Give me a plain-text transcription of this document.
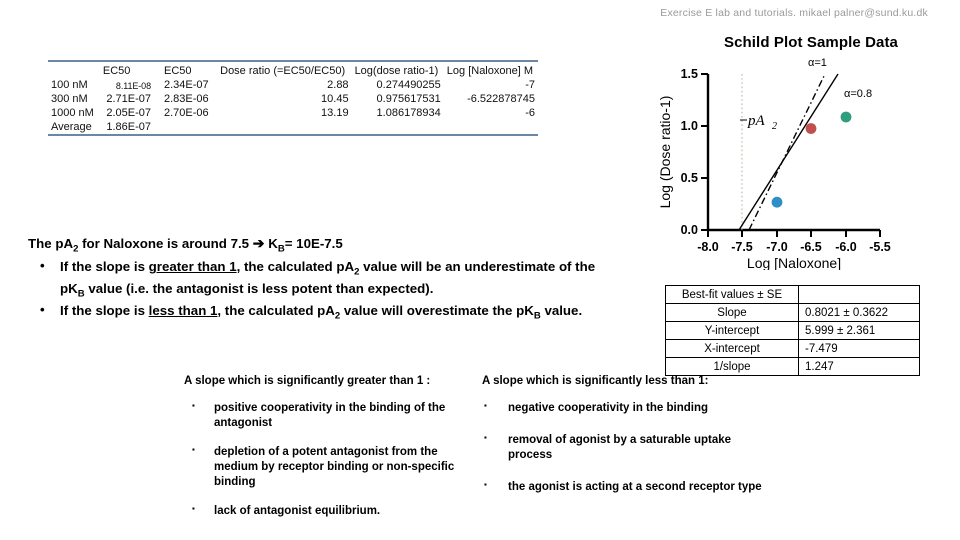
Exercise E lab and tutorials. mikael palner@sund.ku.dk

	EC50	EC50	Dose ratio (=EC50/EC50)	Log(dose ratio-1)	Log [Naloxone] M
100 nM	8.11E-08	2.34E-07	2.88	0.274490255	-7
300 nM	2.71E-07	2.83E-06	10.45	0.975617531	-6.522878745
1000 nM	2.05E-07	2.70E-06	13.19	1.086178934	-6
Average	1.86E-07				

The $pA_2$ for Naloxone is around 7.5 ➔ $K_B= 10E-7.5$
• If the slope is greater than 1, the calculated $pA_2$ value will be an underestimate of the $pK_B$ value (i.e. the antagonist is less potent than expected).
• If the slope is less than 1, the calculated $pA_2$ value will overestimate the $pK_B$ value.
Schild Plot Sample Data
0.0
0.5
1.0
1.5
-8.0 -7.5 -7.0 -6.5 -6.0 -5.5
Log [Naloxone]
Log (Dose ratio-1)	pA 2
α=1
α=0.8
Best-fit values ± SE	
Slope	0.8021 ± 0.3622
Y-intercept	5.999 ± 2.361
X-intercept	-7.479
1/slope	1.247
A slope which is significantly greater than 1 :
▪ positive cooperativity in the binding of the antagonist
▪ depletion of a potent antagonist from the medium by receptor binding or non-specific binding
▪ lack of antagonist equilibrium.
A slope which is significantly less than 1:
▪ negative cooperativity in the binding
▪ removal of agonist by a saturable uptake process
▪ the agonist is acting at a second receptor type
